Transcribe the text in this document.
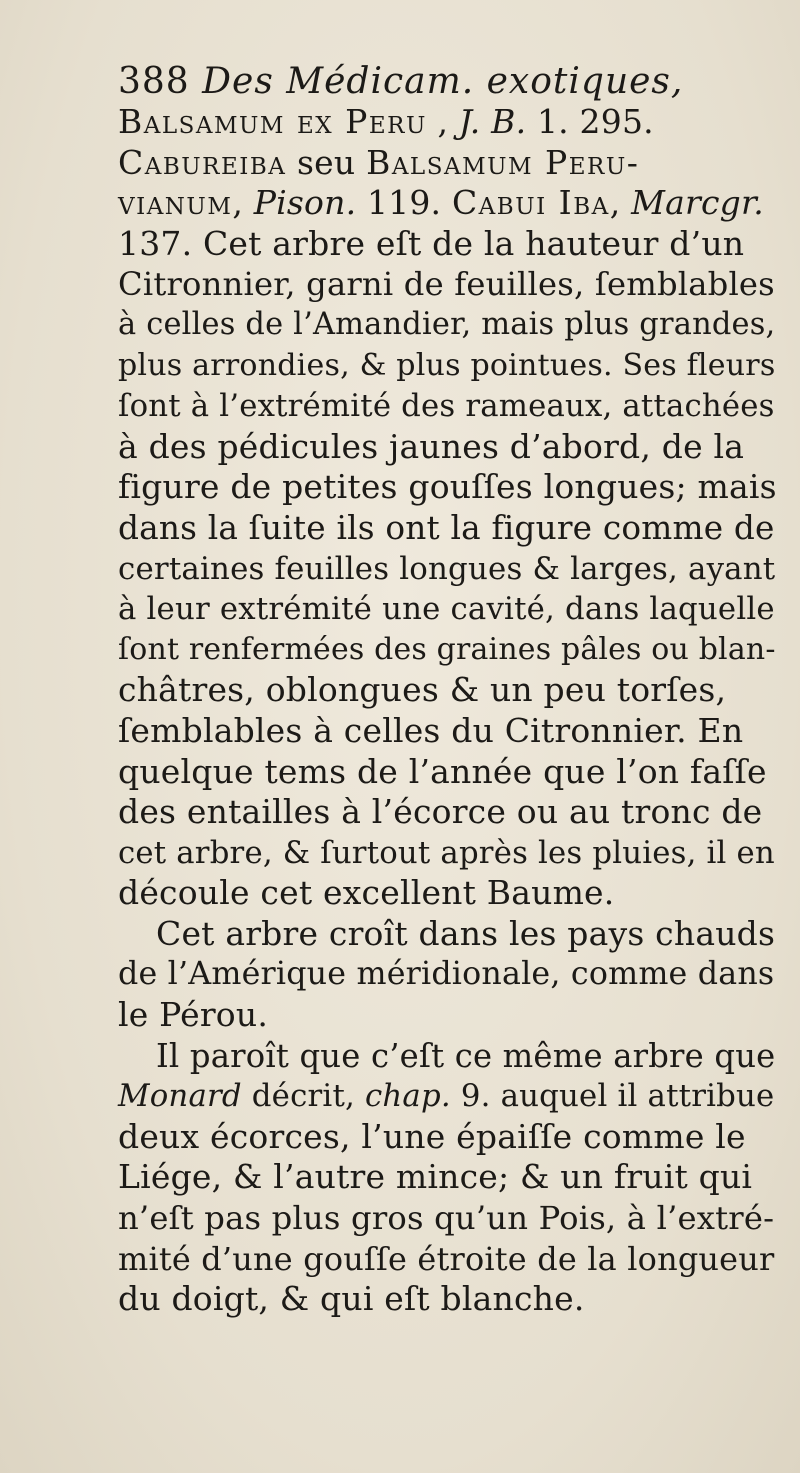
388 Des Médicam. exotiques,
Balsamum ex Peru , J. B. 1. 295.
Cabureiba seu Balsamum Peru-
vianum, Pison. 119. Cabui Iba, Marcgr.
137. Cet arbre eſt de la hauteur d’un
Citronnier, garni de feuilles, ſemblables
à celles de l’Amandier, mais plus grandes,
plus arrondies, & plus pointues. Ses fleurs
ſont à l’extrémité des rameaux, attachées
à des pédicules jaunes d’abord, de la
figure de petites gouſſes longues; mais
dans la ſuite ils ont la figure comme de
certaines feuilles longues & larges, ayant
à leur extrémité une cavité, dans laquelle
ſont renfermées des graines pâles ou blan-
châtres, oblongues & un peu torſes,
ſemblables à celles du Citronnier. En
quelque tems de l’année que l’on faſſe
des entailles à l’écorce ou au tronc de
cet arbre, & ſurtout après les pluies, il en
découle cet excellent Baume.
Cet arbre croît dans les pays chauds
de l’Amérique méridionale, comme dans
le Pérou.
Il paroît que c’eſt ce même arbre que
Monard décrit, chap. 9. auquel il attribue
deux écorces, l’une épaiſſe comme le
Liége, & l’autre mince; & un fruit qui
n’eſt pas plus gros qu’un Pois, à l’extré-
mité d’une gouſſe étroite de la longueur
du doigt, & qui eſt blanche.
